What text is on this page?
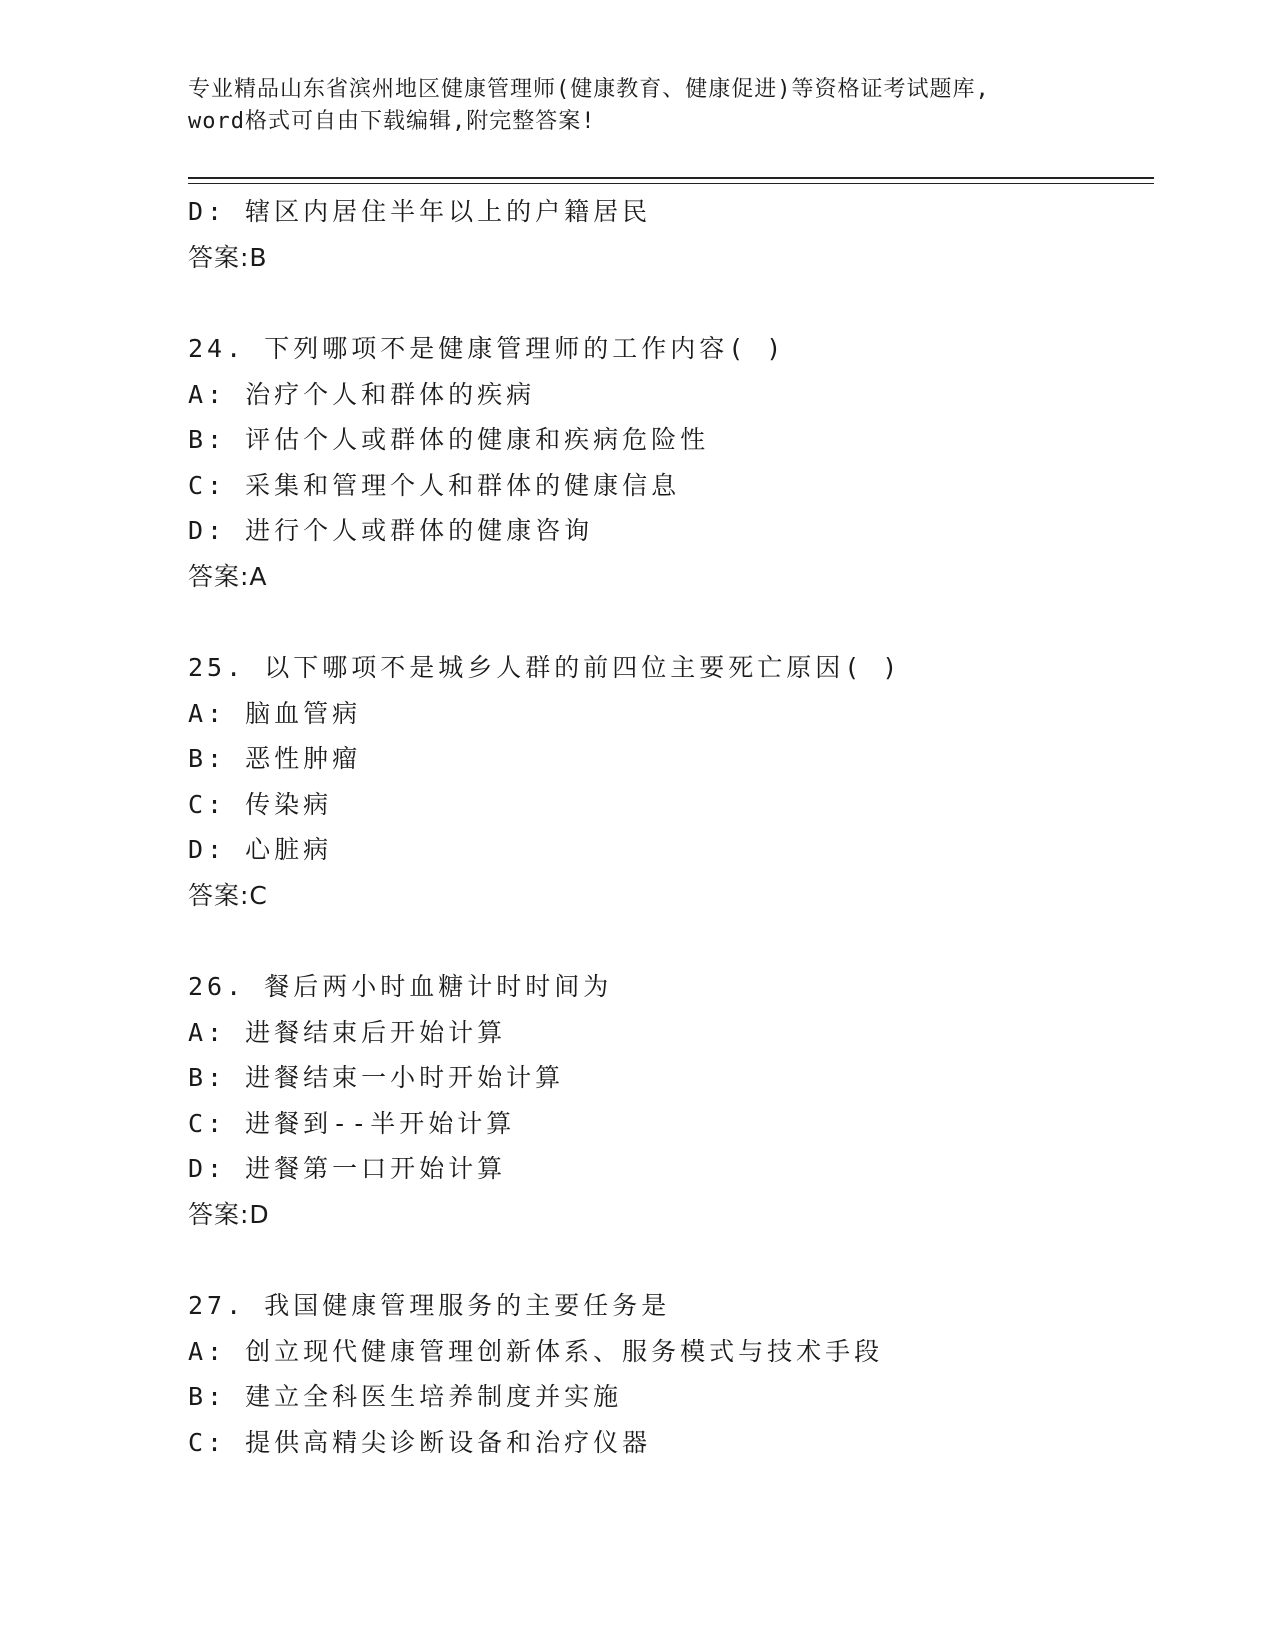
专业精品山东省滨州地区健康管理师(健康教育、健康促进)等资格证考试题库,
word格式可自由下载编辑,附完整答案!
D: 辖区内居住半年以上的户籍居民
答案:B
24. 下列哪项不是健康管理师的工作内容( )
A: 治疗个人和群体的疾病
B: 评估个人或群体的健康和疾病危险性
C: 采集和管理个人和群体的健康信息
D: 进行个人或群体的健康咨询
答案:A
25. 以下哪项不是城乡人群的前四位主要死亡原因( )
A: 脑血管病
B: 恶性肿瘤
C: 传染病
D: 心脏病
答案:C
26. 餐后两小时血糖计时时间为
A: 进餐结束后开始计算
B: 进餐结束一小时开始计算
C: 进餐到--半开始计算
D: 进餐第一口开始计算
答案:D
27. 我国健康管理服务的主要任务是
A: 创立现代健康管理创新体系、服务模式与技术手段
B: 建立全科医生培养制度并实施
C: 提供高精尖诊断设备和治疗仪器
